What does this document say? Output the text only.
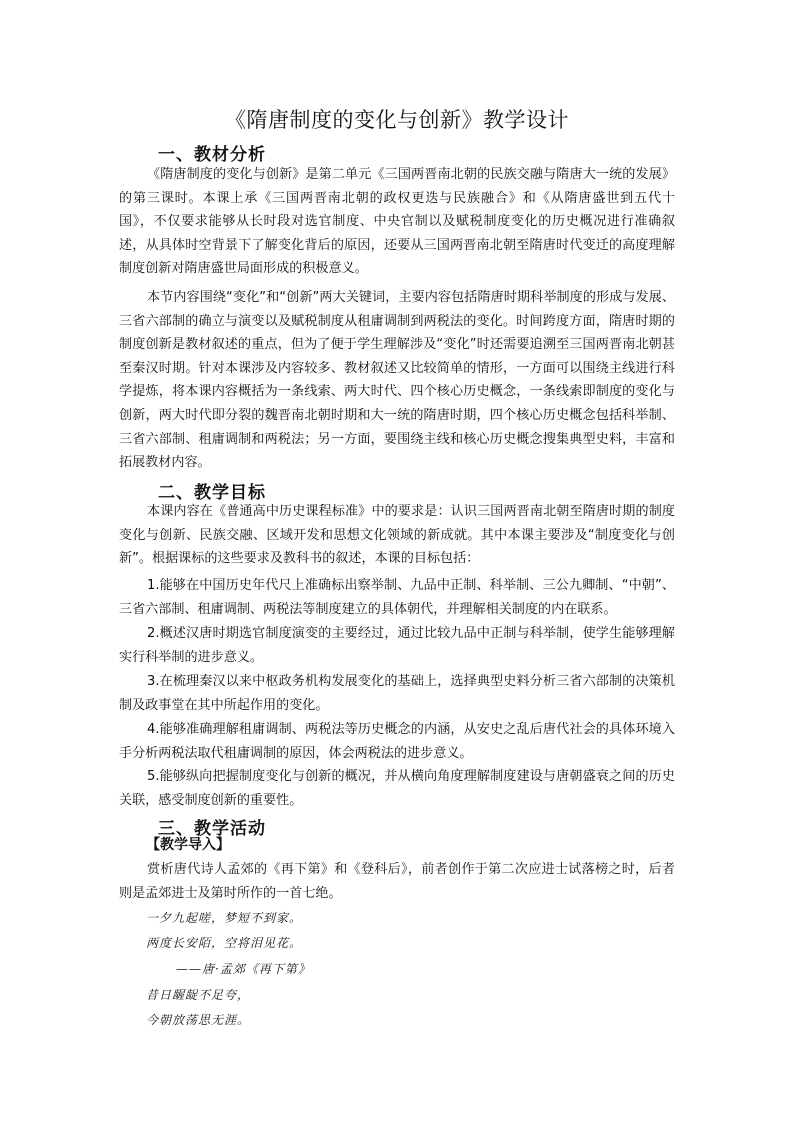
《隋唐制度的变化与创新》教学设计
一、教材分析
《隋唐制度的变化与创新》是第二单元《三国两晋南北朝的民族交融与隋唐大一统的发展》的第三课时。本课上承《三国两晋南北朝的政权更迭与民族融合》和《从隋唐盛世到五代十国》，不仅要求能够从长时段对选官制度、中央官制以及赋税制度变化的历史概况进行准确叙述，从具体时空背景下了解变化背后的原因，还要从三国两晋南北朝至隋唐时代变迁的高度理解制度创新对隋唐盛世局面形成的积极意义。
本节内容围绕“变化”和“创新”两大关键词，主要内容包括隋唐时期科举制度的形成与发展、三省六部制的确立与演变以及赋税制度从租庸调制到两税法的变化。时间跨度方面，隋唐时期的制度创新是教材叙述的重点，但为了便于学生理解涉及“变化”时还需要追溯至三国两晋南北朝甚至秦汉时期。针对本课涉及内容较多、教材叙述又比较简单的情形，一方面可以围绕主线进行科学提炼，将本课内容概括为一条线索、两大时代、四个核心历史概念，一条线索即制度的变化与创新，两大时代即分裂的魏晋南北朝时期和大一统的隋唐时期，四个核心历史概念包括科举制、三省六部制、租庸调制和两税法；另一方面，要围绕主线和核心历史概念搜集典型史料，丰富和拓展教材内容。
二、教学目标
本课内容在《普通高中历史课程标准》中的要求是：认识三国两晋南北朝至隋唐时期的制度变化与创新、民族交融、区域开发和思想文化领域的新成就。其中本课主要涉及“制度变化与创新”。根据课标的这些要求及教科书的叙述，本课的目标包括：
1.能够在中国历史年代尺上准确标出察举制、九品中正制、科举制、三公九卿制、“中朝”、三省六部制、租庸调制、两税法等制度建立的具体朝代，并理解相关制度的内在联系。
2.概述汉唐时期选官制度演变的主要经过，通过比较九品中正制与科举制，使学生能够理解实行科举制的进步意义。
3.在梳理秦汉以来中枢政务机构发展变化的基础上，选择典型史料分析三省六部制的决策机制及政事堂在其中所起作用的变化。
4.能够准确理解租庸调制、两税法等历史概念的内涵，从安史之乱后唐代社会的具体环境入手分析两税法取代租庸调制的原因，体会两税法的进步意义。
5.能够纵向把握制度变化与创新的概况，并从横向角度理解制度建设与唐朝盛衰之间的历史关联，感受制度创新的重要性。
三、教学活动
【教学导入】
赏析唐代诗人孟郊的《再下第》和《登科后》，前者创作于第二次应进士试落榜之时，后者则是孟郊进士及第时所作的一首七绝。
一夕九起嗟，梦短不到家。
两度长安陌，空将泪见花。
——唐·孟郊《再下第》
昔日龌龊不足夸，
今朝放荡思无涯。
